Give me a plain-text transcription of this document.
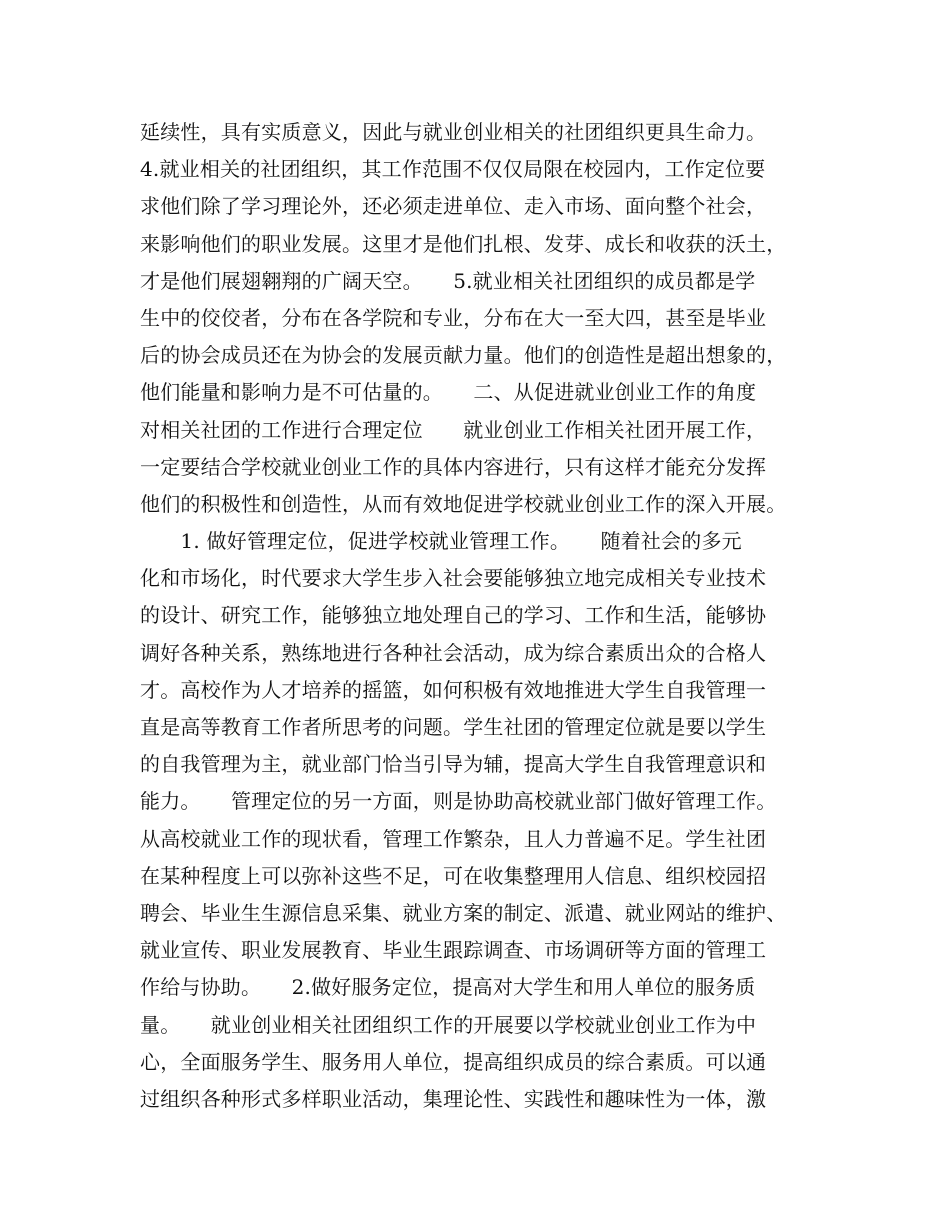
延续性，具有实质意义，因此与就业创业相关的社团组织更具生命力。
4.就业相关的社团组织，其工作范围不仅仅局限在校园内，工作定位要
求他们除了学习理论外，还必须走进单位、走入市场、面向整个社会，
来影响他们的职业发展。这里才是他们扎根、发芽、成长和收获的沃土，
才是他们展翅翱翔的广阔天空。　　5.就业相关社团组织的成员都是学
生中的佼佼者，分布在各学院和专业，分布在大一至大四，甚至是毕业
后的协会成员还在为协会的发展贡献力量。他们的创造性是超出想象的，
他们能量和影响力是不可估量的。　　二、从促进就业创业工作的角度
对相关社团的工作进行合理定位　　就业创业工作相关社团开展工作，
一定要结合学校就业创业工作的具体内容进行，只有这样才能充分发挥
他们的积极性和创造性，从而有效地促进学校就业创业工作的深入开展。
　　1. 做好管理定位，促进学校就业管理工作。　　随着社会的多元
化和市场化，时代要求大学生步入社会要能够独立地完成相关专业技术
的设计、研究工作，能够独立地处理自己的学习、工作和生活，能够协
调好各种关系，熟练地进行各种社会活动，成为综合素质出众的合格人
才。高校作为人才培养的摇篮，如何积极有效地推进大学生自我管理一
直是高等教育工作者所思考的问题。学生社团的管理定位就是要以学生
的自我管理为主，就业部门恰当引导为辅，提高大学生自我管理意识和
能力。　　管理定位的另一方面，则是协助高校就业部门做好管理工作。
从高校就业工作的现状看，管理工作繁杂，且人力普遍不足。学生社团
在某种程度上可以弥补这些不足，可在收集整理用人信息、组织校园招
聘会、毕业生生源信息采集、就业方案的制定、派遣、就业网站的维护、
就业宣传、职业发展教育、毕业生跟踪调查、市场调研等方面的管理工
作给与协助。　　2.做好服务定位，提高对大学生和用人单位的服务质
量。　　就业创业相关社团组织工作的开展要以学校就业创业工作为中
心，全面服务学生、服务用人单位，提高组织成员的综合素质。可以通
过组织各种形式多样职业活动，集理论性、实践性和趣味性为一体，激
